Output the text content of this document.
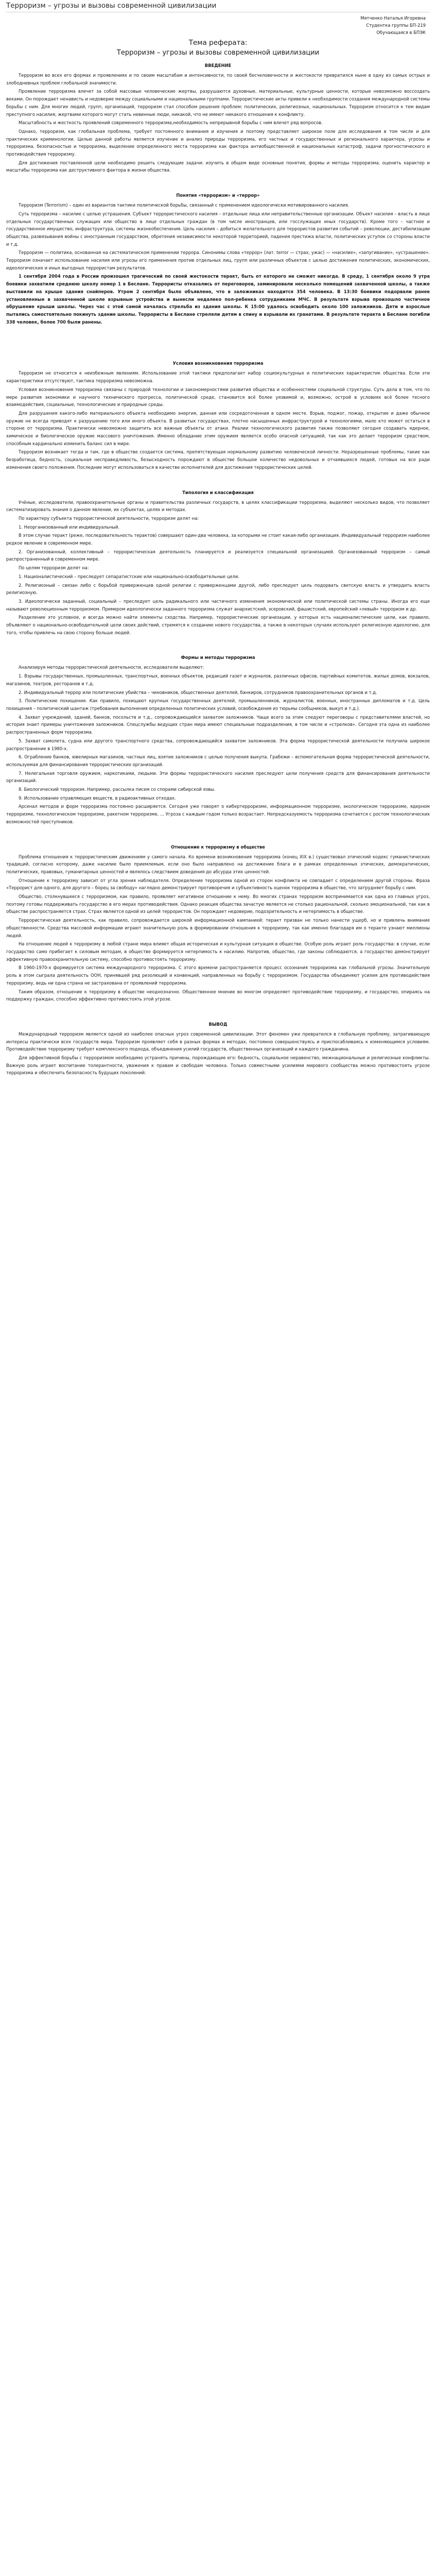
Терроризм – угрозы и вызовы современной цивилизации
Мятченко Наталья Игоревна
Студентка группы БП-219
Обучающаяся в БПЭК
Тема реферата:
Терроризм – угрозы и вызовы современной цивилизации
ВВЕДЕНИЕ

Терроризм во всех его формах и проявлениях и по своим масштабам и интенсивности, по своей бесчеловечности и жестокости превратился ныне в одну из самых острых и злободневных проблем глобальной значимости.

Проявление терроризма влечет за собой массовые человеческие жертвы, разрушаются духовные, материальные, культурные ценности, которые невозможно воссоздать веками. Он порождает ненависть и недоверие между социальными и национальными группами. Террористические акты привели к необходимости создания международной системы борьбы с ним. Для многих людей, групп, организаций, терроризм стал способом решения проблем: политических, религиозных, национальных. Терроризм относится к тем видам преступного насилия, жертвами которого могут стать невинные люди, никакой, что не имеют никакого отношения к конфликту.

Масштабность и жесткость проявлений современного терроризма,необходимость непрерывной борьбы с ним влечет ряд вопросов.

Однако, терроризм, как глобальная проблема, требует постоянного внимания и изучения и поэтому представляет широкое поле для исследования в том числе и для практических криминологии. Целью данной работы является изучение и анализ природы терроризма, его частных и государственных и регионального характера, угрозы и терроризма, безопасностью и терроризма, выделение определенного места терроризма как фактора антиобщественной и национальных катастроф, задачи прогностического и противодействия терроризму.

Для достижения поставленной цели необходимо решить следующие задачи: изучить в общем виде основные понятия, формы и методы терроризма, оценить характер и масштабы терроризма как деструктивного фактора в жизни общества.

Понятия «терроризм» и «террор»

Терроризм (Terrorism) – один из вариантов тактики политической борьбы, связанный с применением идеологически мотивированного насилия.

Суть терроризма – насилие с целью устрашения. Субъект террористического насилия – отдельные лица или неправительственные организации. Объект насилия – власть в лице отдельных государственных служащих или общество в лице отдельных граждан (в том числе иностранцев, или госслужащих иных государств). Кроме того – частное и государственное имущество, инфраструктура, системы жизнеобеспечения. Цель насилия – добиться желательного для террористов развития событий – революции, дестабилизации общества, развязывания войны с иностранным государством, обретения независимости некоторой территорией, падения престижа власти, политических уступок со стороны власти и т.д.

Терроризм — политика, основанная на систематическом применении террора. Синонимы слова «террор» (лат. terror — страх, ужас) — «насилие», «запугивание», «устрашение». Терроризм означает использование насилия или угрозы его применения против отдельных лиц, групп или различных объектов с целью достижения политических, экономических, идеологических и иных выгодных террористам результатов.

1 сентября 2004 года в России произошел трагический по своей жестокости теракт, быть от которого не сможет никогда. В среду, 1 сентября около 9 утра боевики захватили среднюю школу номер 1 в Беслане. Террористы отказались от переговоров, заминировали несколько помещений захваченной школы, а также выставили на крыше здания снайперов. Утром 2 сентября было объявлено, что в заложниках находится 354 человека. В 13:30 боевики подорвали ранее установленные в захваченной школе взрывные устройства и вынесли недалеко пол-ребенка сотрудниками МЧС. В результате взрыва произошло частичное обрушение крыши школы. Через час с этой самой началась стрельба из здания школы. К 15:00 удалось освободить около 100 заложников. Дети и взрослые пытались самостоятельно покинуть здание школы. Террористы в Беслане стреляли детям в спину и взрывали их гранатами. В результате теракта в Беслане погибли 338 человек, более 700 были ранены.

Условия возникновения терроризма

Терроризм не относится к неизбежным явлениям. Использование этой тактики предполагает набор социокультурных и политических характеристик общества. Если эти характеристики отсутствуют, тактика терроризма невозможна.

Условия возникновения терроризма связаны с природой технологии и закономерностями развития общества и особенностями социальной структуры. Суть дела в том, что по мере развития экономики и научного технического прогресса, политической среде, становится всё более уязвимой и, возможно, острой в условиях всё более тесного взаимодействия, социальные, технологические и природные среды.

Для разрушения какого-либо материального объекта необходимо энергия, данная или сосредоточенная в одном месте. Взрыв, поджог, пожар, открытие и даже обычное оружие не всегда приводят к разрушению того или иного объекта. В развитых государствах, плотно насыщенных инфраструктурой и технологиями, мало кто может остаться в стороне от терроризма. Практически невозможно защитить все важные объекты от атаки. Реалии технологического развития также позволяют сегодня создавать ядерное, химическое и биологическое оружие массового уничтожения. Именно обладание этим оружием является особо опасной ситуацией, так как это делает терроризм средством, способным кардинально изменить баланс сил в мире.

Терроризм возникает тогда и там, где в обществе создается система, препятствующая нормальному развитию человеческой личности. Неразрешенные проблемы, такие как безработица, бедность, социальная несправедливость, безысходность порождают в обществе большое количество недовольных и отчаявшихся людей, готовых на все ради изменения своего положения. Последние могут использоваться в качестве исполнителей для достижения террористических целей.

Типология и классификация

Учёные, исследователи, правоохранительные органы и правительства различных государств, в целях классификации терроризма, выделяют несколько видов, что позволяет систематизировать знания о данном явлении, их субъектах, целях и методах.

По характеру субъекта террористической деятельности, терроризм делят на:

1. Неорганизованный или индивидуальный.

В этом случае теракт (реже, последовательность терактов) совершают один-два человека, за которыми не стоит какая-либо организация. Индивидуальный терроризм наиболее редкое явление в современном мире.

2. Организованный, коллективный – террористическая деятельность планируется и реализуется специальной организацией. Организованный терроризм – самый распространенный в современном мире.

По целям терроризм делят на:

1. Националистический – преследует сепаратистские или национально-освободительные цели.

2. Религиозный – связан либо с борьбой приверженцев одной религии с приверженцами другой, либо преследует цель подорвать светскую власть и утвердить власть религиозную.

3. Идеологически заданный, социальный – преследует цель радикального или частичного изменения экономической или политической системы страны. Иногда его еще называют революционным терроризмом. Примером идеологически заданного терроризма служат анархистский, эсеровский, фашистский, европейский «левый» терроризм и др.

Разделение это условное, и всегда можно найти элементы сходства. Например, террористические организации, у которых есть националистические цели, как правило, объявляют о национально-освободительной цели своих действий, стремятся к созданию нового государства, а также в некоторых случаях используют религиозную идеологию, для того, чтобы привлечь на свою сторону больше людей.

Формы и методы терроризма

Анализируя методы террористической деятельности, исследователи выделяют:

1. Взрывы государственных, промышленных, транспортных, военных объектов, редакций газет и журналов, различных офисов, партийных комитетов, жилых домов, вокзалов, магазинов, театров, ресторанов и т.д.

2. Индивидуальный террор или политические убийства – чиновников, общественных деятелей, банкиров, сотрудников правоохранительных органов и т.д.

3. Политические похищения. Как правило, похищают крупных государственных деятелей, промышленников, журналистов, военных, иностранных дипломатов и т.д. Цель похищения – политический шантаж (требования выполнения определенных политических условий, освобождения из тюрьмы сообщников, выкуп и т.д.).

4. Захват учреждений, зданий, банков, посольств и т.д., сопровождающийся захватом заложников. Чаще всего за этим следуют переговоры с представителями властей, но история знает примеры уничтожения заложников. Спецслужбы ведущих стран мира имеют специальные подразделения, в том числе и «стрелков». Сегодня эта одна из наиболее распространенных форм терроризма.

5. Захват самолета, судна или другого транспортного средства, сопровождающийся захватом заложников. Эта форма террористической деятельности получила широкое распространение в 1980-х.

6. Ограбление банков, ювелирных магазинов, частных лиц, взятие заложников с целью получения выкупа. Грабежи – вспомогательная форма террористической деятельности, используемая для финансирования террористических организаций.

7. Нелегальная торговля оружием, наркотиками, людьми. Эти формы террористического насилия преследуют цели получения средств для финансирования деятельности организаций.

8. Биологический терроризм. Например, рассылка писем со спорами сибирской язвы.

9. Использование отравляющих веществ, в радиоактивных отходах.

Арсенал методов и форм терроризма постоянно расширяется. Сегодня уже говорят о кибертерроризме, информационном терроризме, экологическом терроризме, ядерном терроризме, технологическом терроризме, ракетном терроризме, ... Угроза с каждым годом только возрастает. Непредсказуемость терроризма сочетается с ростом технологических возможностей преступников.

Отношение к терроризму в обществе

Проблема отношения к террористическим движениям у самого начала. Ко времени возникновения терроризма (конец XIX в.) существовал этический кодекс гуманистических традиций, согласно которому, даже насилие было приемлемым, если оно было направлено на достижение блага и в рамках определенных этических, демократических, политических, правовых, гуманитарных ценностей и являлось следствием доведения до абсурда этих ценностей.

Отношение к терроризму зависит от угла зрения наблюдателя. Определение терроризма одной из сторон конфликта не совпадает с определением другой стороны. Фраза «Террорист для одного, для другого – борец за свободу» наглядно демонстрирует противоречия и субъективность оценок терроризма в обществе, что затрудняет борьбу с ним.

Общество, столкнувшееся с терроризмом, как правило, проявляет негативное отношение к нему. Во многих странах терроризм воспринимается как одна из главных угроз, поэтому готовы поддерживать государство в его мерах противодействия. Однако реакция общества зачастую является не столько рациональной, сколько эмоциональной, так как в обществе распространяется страх. Страх является одной из целей террористов. Он порождает недоверие, подозрительность и нетерпимость в обществе.

Террористическая деятельность, как правило, сопровождается широкой информационной кампанией: теракт призван не только нанести ущерб, но и привлечь внимание общественности. Средства массовой информации играют значительную роль в формировании отношения к терроризму, так как именно благодаря им о теракте узнают миллионы людей.

На отношение людей к терроризму в любой стране мира влияет общая историческая и культурная ситуация в обществе. Особую роль играет роль государства: в случае, если государство само прибегает к силовым методам, в обществе формируется нетерпимость к насилию. Напротив, общество, где законы соблюдаются, а государство демонстрирует эффективную правоохранительную систему, способно противостоять терроризму.

В 1960-1970-х формируется система международного терроризма. С этого времени распространяется процесс осознания терроризма как глобальной угрозы. Значительную роль в этом сыграла деятельность ООН, принявшей ряд резолюций и конвенций, направленных на борьбу с терроризмом. Государства объединяют усилия для противодействия терроризму, ведь ни одна страна не застрахована от проявлений терроризма.

Таким образом, отношение к терроризму в обществе неоднозначно. Общественное мнение во многом определяет противодействие терроризму, и государство, опираясь на поддержку граждан, способно эффективно противостоять этой угрозе.

ВЫВОД

Международный терроризм является одной из наиболее опасных угроз современной цивилизации. Этот феномен уже превратился в глобальную проблему, затрагивающую интересы практически всех государств мира. Терроризм проявляет себя в разных формах и методах, постоянно совершенствуясь и приспосабливаясь к изменяющимся условиям. Противодействие терроризму требует комплексного подхода, объединения усилий государств, общественных организаций и каждого гражданина.

Для эффективной борьбы с терроризмом необходимо устранять причины, порождающие его: бедность, социальное неравенство, межнациональные и религиозные конфликты. Важную роль играет воспитание толерантности, уважения к правам и свободам человека. Только совместными усилиями мирового сообщества можно противостоять угрозе терроризма и обеспечить безопасность будущих поколений.
